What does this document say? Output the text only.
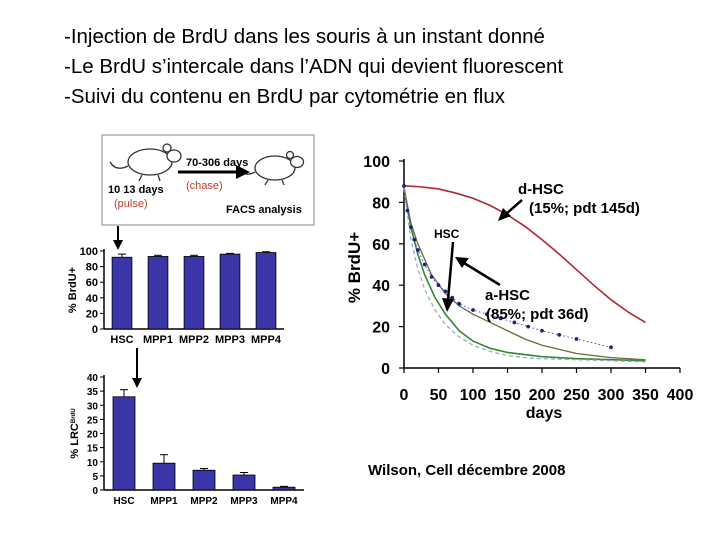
-Injection de BrdU dans les souris à un instant donné
-Le BrdU s’intercale dans l’ADN qui devient fluorescent
-Suivi du contenu en BrdU par cytométrie en flux
70-306 days
(chase)
10 13 days
(pulse)	FACS analysis
0
20
40
60
80
100
HSC MPP1 MPP2 MPP3 MPP4
% BrdU+
0
5
10
15
20
25
30
35
40
HSC MPP1 MPP2 MPP3 MPP4
% $LRC^{BrdU}$
0
20
40
60
80
100
0 50 100 150 200 250 300 350 400
% BrdU+
days
d-HSC
(15%; pdt 145d)
HSC
a-HSC
(85%; pdt 36d)
Wilson, Cell décembre 2008
